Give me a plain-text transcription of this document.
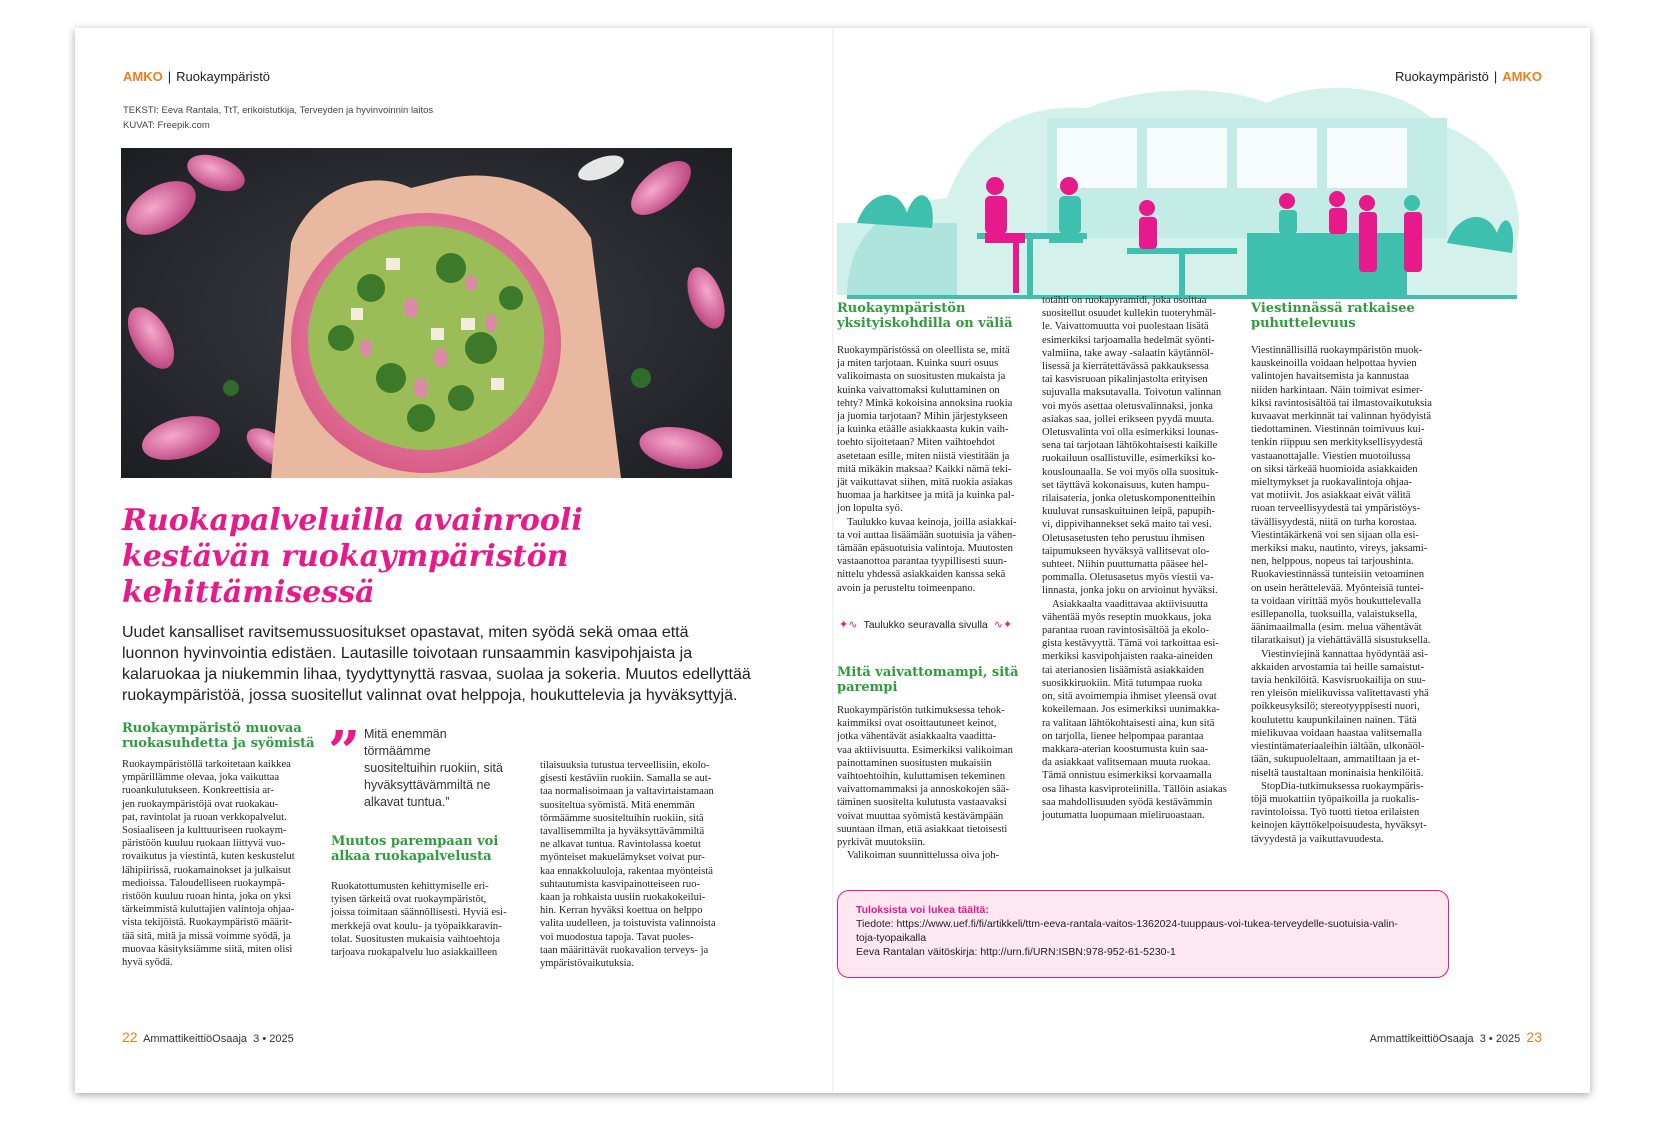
AMKO | Ruokaympäristö
TEKSTI: Eeva Rantala, TtT, erikoistutkija, Terveyden ja hyvinvoinnin laitos
KUVAT: Freepik.com
Ruokapalveluilla avainrooli
kestävän ruokaympäristön
kehittämisessä
Uudet kansalliset ravitsemussuositukset opastavat, miten syödä sekä omaa että
luonnon hyvinvointia edistäen. Lautasille toivotaan runsaammin kasvipohjaista ja
kalaruokaa ja niukemmin lihaa, tyydyttynyttä rasvaa, suolaa ja sokeria. Muutos edellyttää
ruokaympäristöä, jossa suositellut valinnat ovat helppoja, houkuttelevia ja hyväksyttyjä.
Ruokaympäristö muovaa
ruokasuhdetta ja syömistä
Ruokaympäristöllä tarkoitetaan kaikkea
ympärillämme olevaa, joka vaikuttaa
ruoankulutukseen. Konkreettisia ar-
jen ruokaympäristöjä ovat ruokakau-
pat, ravintolat ja ruoan verkkopalvelut.
Sosiaaliseen ja kulttuuriseen ruokaym-
päristöön kuuluu ruokaan liittyvä vuo-
rovaikutus ja viestintä, kuten keskustelut
lähipiirissä, ruokamainokset ja julkaisut
medioissa. Taloudelliseen ruokaympä-
ristöön kuuluu ruoan hinta, joka on yksi
tärkeimmistä kuluttajien valintoja ohjaa-
vista tekijöistä. Ruokaympäristö määrit-
tää sitä, mitä ja missä voimme syödä, ja
muovaa käsityksiämme siitä, miten olisi
hyvä syödä.
” Mitä enemmän
törmäämme
suositeltuihin ruokiin, sitä
hyväksyttävämmiltä ne
alkavat tuntua.”
Muutos parempaan voi
alkaa ruokapalvelusta
Ruokatottumusten kehittymiselle eri-
tyisen tärkeitä ovat ruokaympäristöt,
joissa toimitaan säännöllisesti. Hyviä esi-
merkkejä ovat koulu- ja työpaikkaravin-
tolat. Suositusten mukaisia vaihtoehtoja
tarjoava ruokapalvelu luo asiakkailleen
tilaisuuksia tutustua terveellisiin, ekolo-
gisesti kestäviin ruokiin. Samalla se aut-
taa normalisoimaan ja valtavirtaistamaan
suositeltua syömistä. Mitä enemmän
törmäämme suositeltuihin ruokiin, sitä
tavallisemmilta ja hyväksyttävämmiltä
ne alkavat tuntua. Ravintolassa koetut
myönteiset makuelämykset voivat pur-
kaa ennakkoluuloja, rakentaa myönteistä
suhtautumista kasvipainotteiseen ruo-
kaan ja rohkaista uusiin ruokakokeilui-
hin. Kerran hyväksi koettua on helppo
valita uudelleen, ja toistuvista valinnoista
voi muodostua tapoja. Tavat puoles-
taan määrittävät ruokavalion terveys- ja
ympäristövaikutuksia.
22 AmmattikeittiöOsaaja 3 • 2025
Ruokaympäristö | AMKO
Ruokaympäristön
yksityiskohdilla on väliä
Ruokaympäristössä on oleellista se, mitä
ja miten tarjotaan. Kuinka suuri osuus
valikoimasta on suositusten mukaista ja
kuinka vaivattomaksi kuluttaminen on
tehty? Minkä kokoisina annoksina ruokia
ja juomia tarjotaan? Mihin järjestykseen
ja kuinka etäälle asiakkaasta kukin vaih-
toehto sijoitetaan? Miten vaihtoehdot
asetetaan esille, miten niistä viestitään ja
mitä mikäkin maksaa? Kaikki nämä teki-
jät vaikuttavat siihen, mitä ruokia asiakas
huomaa ja harkitsee ja mitä ja kuinka pal-
jon lopulta syö.
Taulukko kuvaa keinoja, joilla asiakkai-
ta voi auttaa lisäämään suotuisia ja vähen-
tämään epäsuotuisia valintoja. Muutosten
vastaanottoa parantaa tyypillisesti suun-
nittelu yhdessä asiakkaiden kanssa sekä
avoin ja perusteltu toimeenpano.
✦∿ Taulukko seuravalla sivulla ∿✦
Mitä vaivattomampi, sitä
parempi
Ruokaympäristön tutkimuksessa tehok-
kaimmiksi ovat osoittautuneet keinot,
jotka vähentävät asiakkaalta vaadittа-
vaa aktiivisuutta. Esimerkiksi valikoiman
painottaminen suositusten mukaisiin
vaihtoehtoihin, kuluttamisen tekeminen
vaivattomammaksi ja annoskokojen sää-
täminen suositelta kulutusta vastaavaksi
voivat muuttaa syömistä kestävämpään
suuntaan ilman, että asiakkaat tietoisesti
pyrkivät muutoksiin.
Valikoiman suunnittelussa oiva joh-
totähti on ruokapyramidi, joka osoittaa
suositellut osuudet kullekin tuoteryhmäl-
le. Vaivattomuutta voi puolestaan lisätä
esimerkiksi tarjoamalla hedelmät syönti-
valmiina, take away -salaatin käytännöl-
lisessä ja kierrätettävässä pakkauksessa
tai kasvisruoan pikalinjastolta erityisen
sujuvalla maksutavalla. Toivotun valinnan
voi myös asettaa oletusvalinnaksi, jonka
asiakas saa, jollei erikseen pyydä muuta.
Oletusvalinta voi olla esimerkiksi lounas-
sena tai tarjotaan lähtökohtaisesti kaikille
ruokailuun osallistuville, esimerkiksi ko-
kouslounaalla. Se voi myös olla suosituk-
set täyttävä kokonaisuus, kuten hampu-
rilaisateria, jonka oletuskomponentteihin
kuuluvat runsaskuituinen leipä, papupih-
vi, dippivihannekset sekä maito tai vesi.
Oletusasetusten teho perustuu ihmisen
taipumukseen hyväksyä vallitsevat olo-
suhteet. Niihin puuttumatta pääsee hel-
pommalla. Oletusasetus myös viestii va-
linnasta, jonka joku on arvioinut hyväksi.
Asiakkaalta vaadittavaa aktiivisuutta
vähentää myös reseptin muokkaus, joka
parantaa ruoan ravintosisältöä ja ekolo-
gista kestävyyttä. Tämä voi tarkoittaa esi-
merkiksi kasvipohjaisten raaka-aineiden
tai aterianosien lisäämistä asiakkaiden
suosikkiruokiin. Mitä tutumpaa ruoka
on, sitä avoimempia ihmiset yleensä ovat
kokeilemaan. Jos esimerkiksi uunimakka-
ra valitaan lähtökohtaisesti aina, kun sitä
on tarjolla, lienee helpompaa parantaa
makkara-aterian koostumusta kuin saa-
da asiakkaat valitsemaan muuta ruokaa.
Tämä onnistuu esimerkiksi korvaamalla
osa lihasta kasviproteiinilla. Tällöin asiakas
saa mahdollisuuden syödä kestävämmin
joutumatta luopumaan mieliruoastaan.
Viestinnässä ratkaisee
puhuttelevuus
Viestinnällisillä ruokaympäristön muok-
kauskeinoilla voidaan helpottaa hyvien
valintojen havaitsemista ja kannustaa
niiden harkintaan. Näin toimivat esimer-
kiksi ravintosisältöä tai ilmastovaikutuksia
kuvaavat merkinnät tai valinnan hyödyistä
tiedottaminen. Viestinnän toimivuus kui-
tenkin riippuu sen merkityksellisyydestä
vastaanottajalle. Viestien muotoilussa
on siksi tärkeää huomioida asiakkaiden
mieltymykset ja ruokavalintoja ohjaa-
vat motiivit. Jos asiakkaat eivät välitä
ruoan terveellisyydestä tai ympäristöys-
tävällisyydestä, niitä on turha korostaa.
Viestintäkärkenä voi sen sijaan olla esi-
merkiksi maku, nautinto, vireys, jaksami-
nen, helppous, nopeus tai tarjoushinta.
Ruokaviestinnässä tunteisiin vetoaminen
on usein herättelevää. Myönteisiä tuntei-
ta voidaan virittää myös houkuttelevalla
esillepanolla, tuoksuilla, valaistuksella,
äänimaailmalla (esim. melua vähentävät
tilaratkaisut) ja viehättävällä sisustuksella.
Viestinviejinä kannattaa hyödyntää asi-
akkaiden arvostamia tai heille samaistut-
tavia henkilöitä. Kasvisruokailija on suu-
ren yleisön mielikuvissa valitettavasti yhä
poikkeusyksilö; stereotyyppisesti nuori,
koulutettu kaupunkilainen nainen. Tätä
mielikuvaa voidaan haastaa valitsemalla
viestintämateriaaleihin iältään, ulkonäöl-
tään, sukupuoleltaan, ammatiltaan ja et-
niseltä taustaltaan moninaisia henkilöitä.
StopDia-tutkimuksessa ruokaympäris-
töjä muokattiin työpaikoilla ja ruokalis-
ravintoloissa. Työ tuotti tietoa erilaisten
keinojen käyttökelpoisuudesta, hyväksyt-
tävyydestä ja vaikuttavuudesta.
Tuloksista voi lukea täältä:
Tiedote: https://www.uef.fi/fi/artikkeli/ttm-eeva-rantala-vaitos-1362024-tuuppaus-voi-tukea-terveydelle-suotuisia-valin-
toja-tyopaikalla
Eeva Rantalan väitöskirja: http://urn.fi/URN:ISBN:978-952-61-5230-1
AmmattikeittiöOsaaja 3 • 2025 23
